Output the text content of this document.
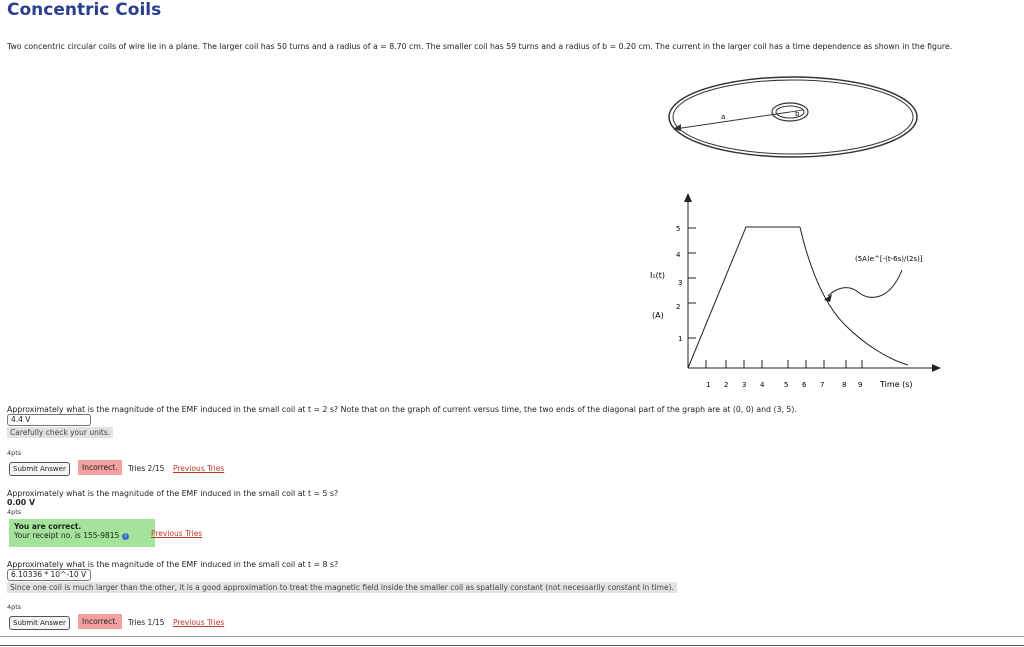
Concentric Coils
Two concentric circular coils of wire lie in a plane. The larger coil has 50 turns and a radius of a = 8.70 cm. The smaller coil has 59 turns and a radius of b = 0.20 cm. The current in the larger coil has a time dependence as shown in the figure.
a	b
5
4
3
2
1
I₁(t)
(A)
1 2 3 4	5 6 7	8 9 Time (s)
(5A)e^[-(t-6s)/(2s)]
Approximately what is the magnitude of the EMF induced in the small coil at t = 2 s? Note that on the graph of current versus time, the two ends of the diagonal part of the graph are at (0, 0) and (3, 5).
4.4 V
Carefully check your units.
4pts
Submit Answer	Incorrect.	Tries 2/15 Previous Tries
Approximately what is the magnitude of the EMF induced in the small coil at t = 5 s?
0.00 V
4pts
You are correct.
Your receipt no. is 155-9815 i	Previous Tries
Approximately what is the magnitude of the EMF induced in the small coil at t = 8 s?
6.10336 * 10^-10 V
Since one coil is much larger than the other, it is a good approximation to treat the magnetic field inside the smaller coil as spatially constant (not necessarily constant in time).
4pts
Submit Answer	Incorrect.	Tries 1/15 Previous Tries
